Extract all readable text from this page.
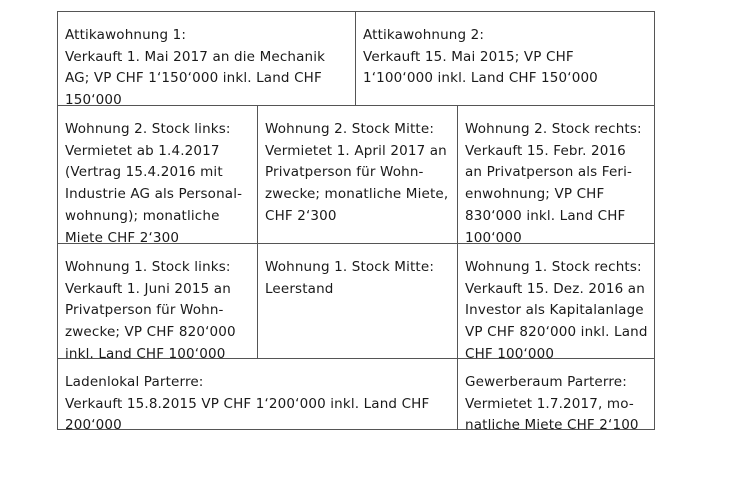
Attikawohnung 1:
Verkauft 1. Mai 2017 an die Mechanik
AG; VP CHF 1‘150‘000 inkl. Land CHF
150‘000
Attikawohnung 2:
Verkauft 15. Mai 2015; VP CHF
1‘100‘000 inkl. Land CHF 150‘000
Wohnung 2. Stock links:
Vermietet ab 1.4.2017
(Vertrag 15.4.2016 mit
Industrie AG als Personal-
wohnung); monatliche
Miete CHF 2‘300
Wohnung 2. Stock Mitte:
Vermietet 1. April 2017 an
Privatperson für Wohn-
zwecke; monatliche Miete,
CHF 2‘300
Wohnung 2. Stock rechts:
Verkauft 15. Febr. 2016
an Privatperson als Feri-
enwohnung; VP CHF
830‘000 inkl. Land CHF
100‘000
Wohnung 1. Stock links:
Verkauft 1. Juni 2015 an
Privatperson für Wohn-
zwecke; VP CHF 820‘000
inkl. Land CHF 100‘000
Wohnung 1. Stock Mitte:
Leerstand
Wohnung 1. Stock rechts:
Verkauft 15. Dez. 2016 an
Investor als Kapitalanlage
VP CHF 820‘000 inkl. Land
CHF 100‘000
Ladenlokal Parterre:
Verkauft 15.8.2015 VP CHF 1‘200‘000 inkl. Land CHF
200‘000
Gewerberaum Parterre:
Vermietet 1.7.2017, mo-
natliche Miete CHF 2‘100
